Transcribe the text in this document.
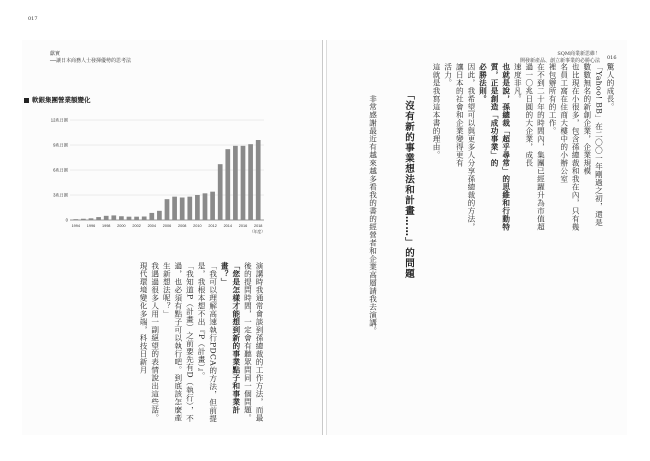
017
獻實
──讓日本商務人士發揮優勢的思考法
SQM商業新思維！
開發新產品、創立新事業的必勝心法 016
軟銀集團營業額變化
0
3兆日圓
6兆日圓
9兆日圓
12兆日圓
1994 1996 1998 2000 2002 2004 2006 2008 2010 2012 2014 2016 2018
（年度）
演講時我通常會談到孫總裁的工作方法，而最後的提問時間，一定會有聽眾問同一個問題。
「您是怎樣才能想到新的事業點子和事業計畫？」
「我可以理解高速執行PDCA的方法，但前提是，我根本想不出『P（計畫）』。
「我知道P（計畫）之前要先有D（執行），不過，也必須有點子可以執行吧。到底該怎麼產生新想法呢？」
我遇過很多人用一副絕望的表情說出這些話。
現代環境變化多端，科技日新月
驚人的成長。
「Yahoo! BB」在二〇〇一年剛過之初，還是數數無名的新創企業，企業規模
也比現在小很多，包含孫總裁和我在內，只有幾名員工窩在住商大樓中的小辦公室
裡包辦所有的工作。
在不到二十年的時間內，集團已經躍升為市值超過一〇兆日圓的大企業，成長
速度非凡。
也就是說，孫總裁「超乎尋常」的思維和行動特質，正是創造「成功事業」的
必勝法則。
因此，我希望可以與更多人分享孫總裁的方法，讓日本的社會和企業變得更有
活力。
這就是我寫這本書的理由。
「沒有新的事業想法和計畫……」的問題
非常感謝最近有越來越多看我的書的經營者和企業高層請我去演講。
